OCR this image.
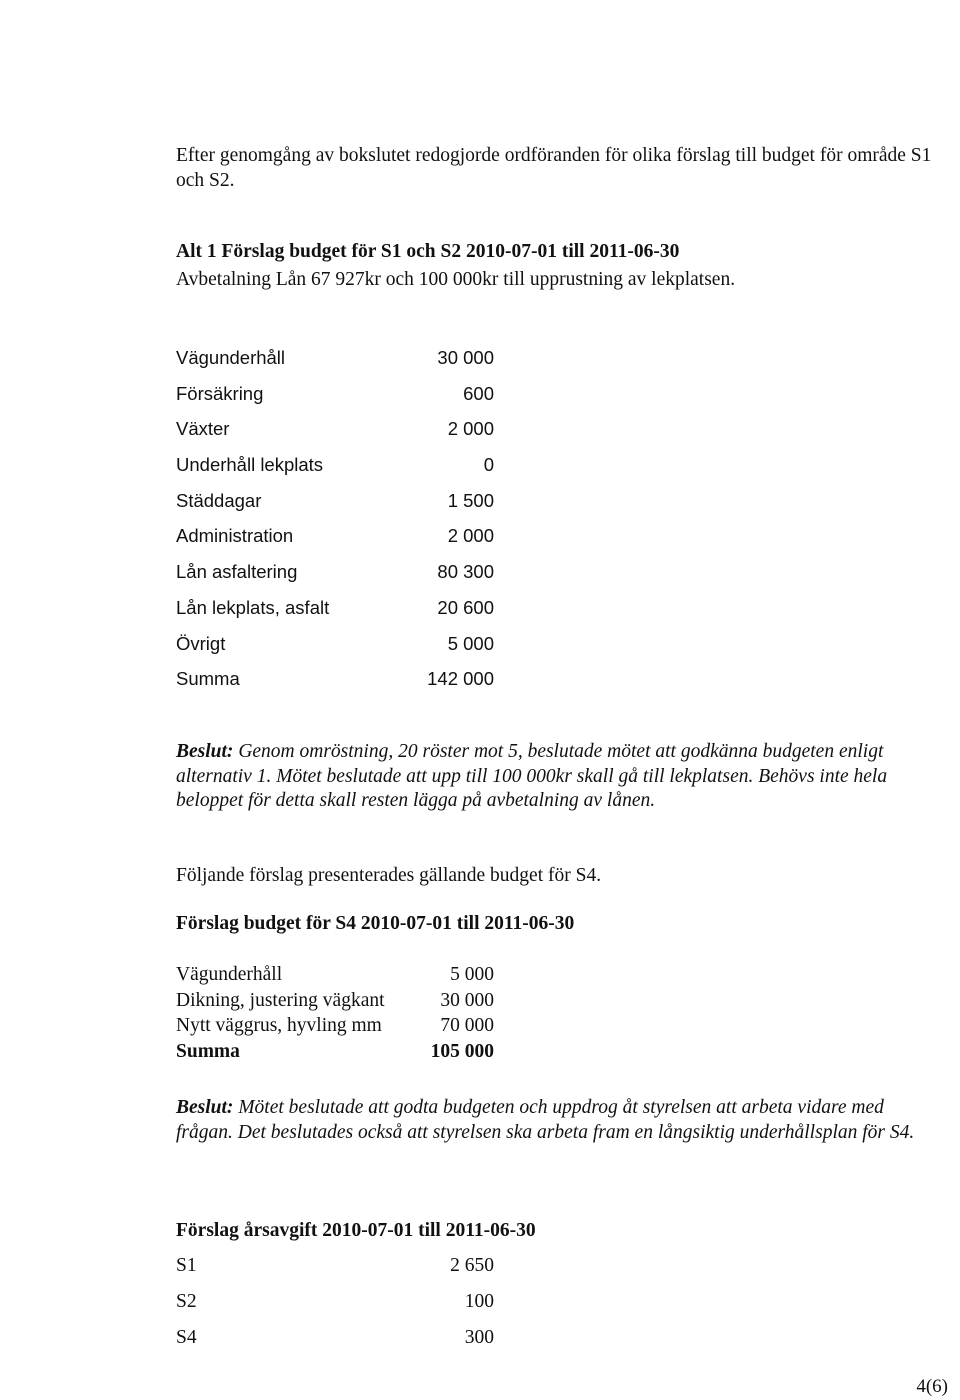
Efter genomgång av bokslutet redogjorde ordföranden för olika förslag till budget för område S1 och S2.
Alt 1 Förslag budget för S1 och S2 2010-07-01 till 2011-06-30
Avbetalning Lån 67 927kr och 100 000kr till upprustning av lekplatsen.
Vägunderhåll	30 000
Försäkring	600
Växter	2 000
Underhåll lekplats	0
Städdagar	1 500
Administration	2 000
Lån asfaltering	80 300
Lån lekplats, asfalt	20 600
Övrigt	5 000
Summa	142 000
Beslut: Genom omröstning, 20 röster mot 5, beslutade mötet att godkänna budgeten enligt alternativ 1. Mötet beslutade att upp till 100 000kr skall gå till lekplatsen. Behövs inte hela beloppet för detta skall resten lägga på avbetalning av lånen.
Följande förslag presenterades gällande budget för S4.
Förslag budget för S4 2010-07-01 till 2011-06-30
Vägunderhåll	5 000
Dikning, justering vägkant	30 000
Nytt väggrus, hyvling mm	70 000
Summa	105 000
Beslut: Mötet beslutade att godta budgeten och uppdrog åt styrelsen att arbeta vidare med frågan. Det beslutades också att styrelsen ska arbeta fram en långsiktig underhållsplan för S4.
Förslag årsavgift 2010-07-01 till 2011-06-30
S1	2 650
S2	100
S4	300
4(6)
